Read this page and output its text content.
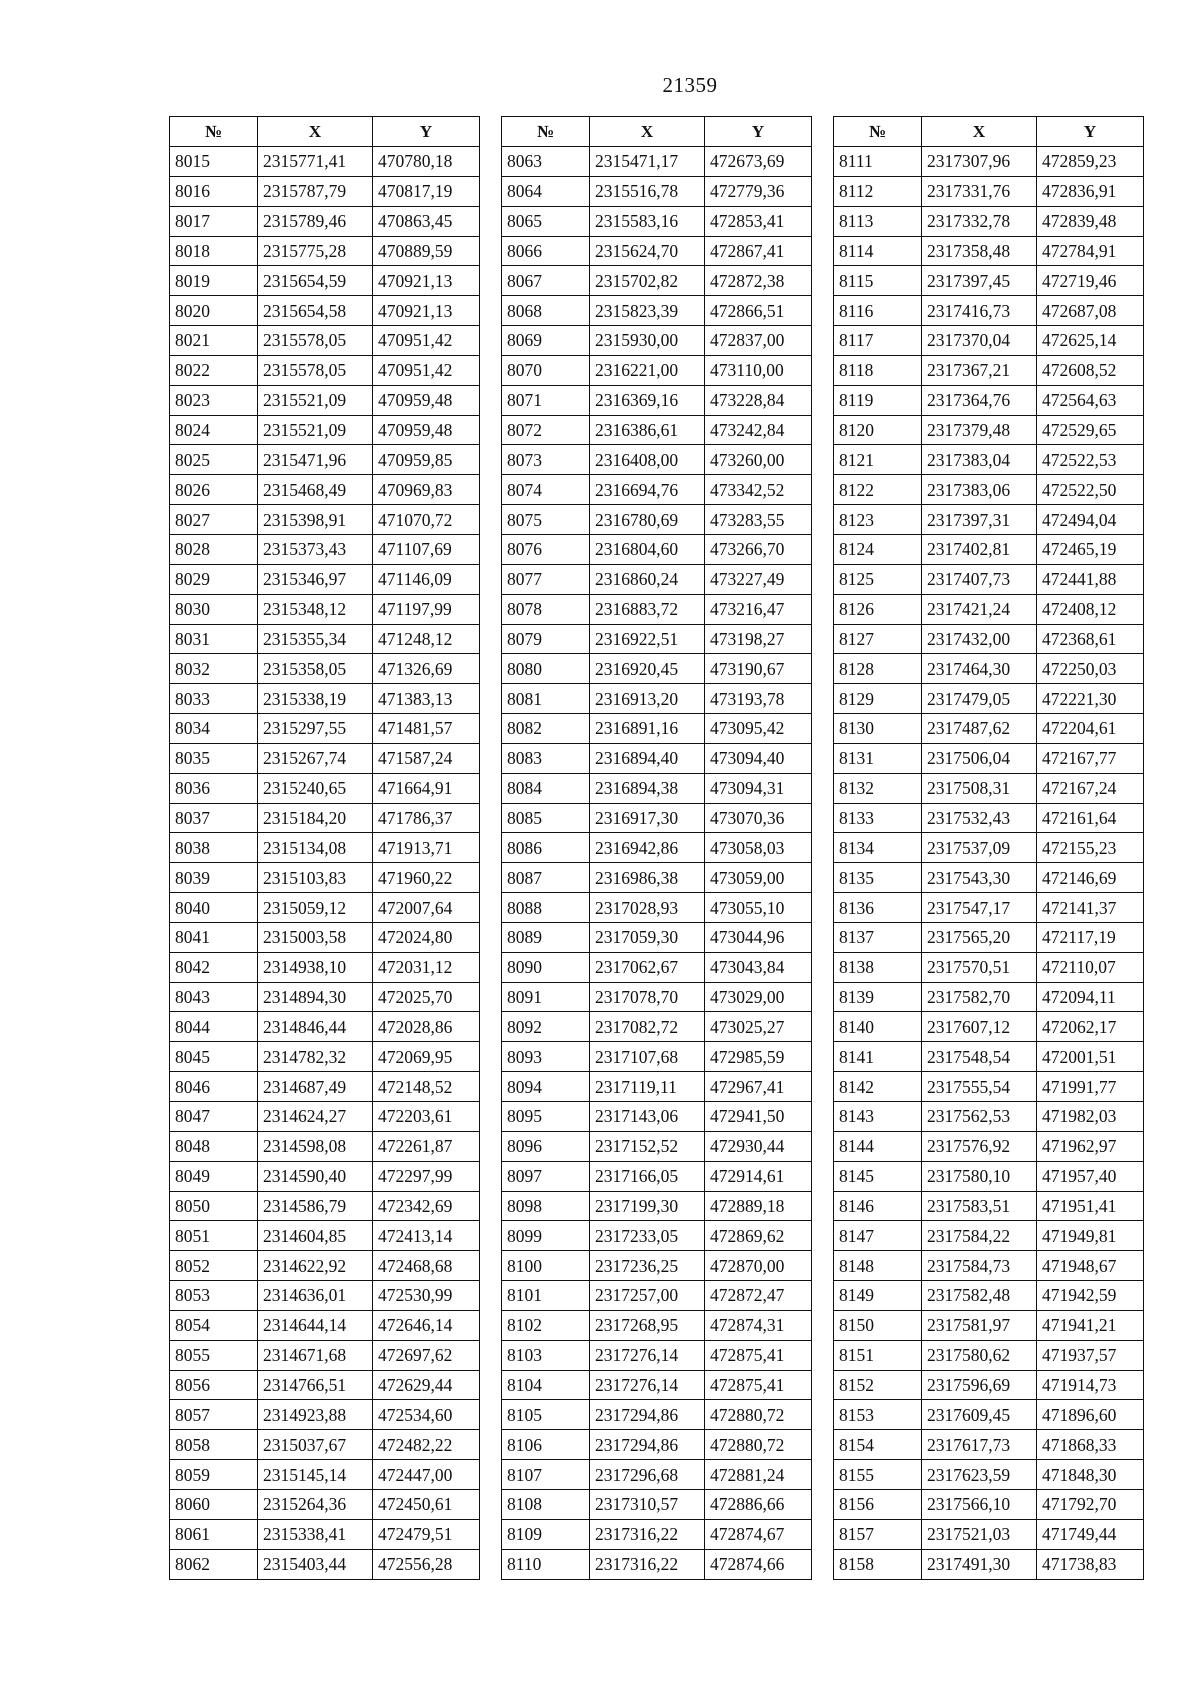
21359
№	X	Y
8015	2315771,41	470780,18
8016	2315787,79	470817,19
8017	2315789,46	470863,45
8018	2315775,28	470889,59
8019	2315654,59	470921,13
8020	2315654,58	470921,13
8021	2315578,05	470951,42
8022	2315578,05	470951,42
8023	2315521,09	470959,48
8024	2315521,09	470959,48
8025	2315471,96	470959,85
8026	2315468,49	470969,83
8027	2315398,91	471070,72
8028	2315373,43	471107,69
8029	2315346,97	471146,09
8030	2315348,12	471197,99
8031	2315355,34	471248,12
8032	2315358,05	471326,69
8033	2315338,19	471383,13
8034	2315297,55	471481,57
8035	2315267,74	471587,24
8036	2315240,65	471664,91
8037	2315184,20	471786,37
8038	2315134,08	471913,71
8039	2315103,83	471960,22
8040	2315059,12	472007,64
8041	2315003,58	472024,80
8042	2314938,10	472031,12
8043	2314894,30	472025,70
8044	2314846,44	472028,86
8045	2314782,32	472069,95
8046	2314687,49	472148,52
8047	2314624,27	472203,61
8048	2314598,08	472261,87
8049	2314590,40	472297,99
8050	2314586,79	472342,69
8051	2314604,85	472413,14
8052	2314622,92	472468,68
8053	2314636,01	472530,99
8054	2314644,14	472646,14
8055	2314671,68	472697,62
8056	2314766,51	472629,44
8057	2314923,88	472534,60
8058	2315037,67	472482,22
8059	2315145,14	472447,00
8060	2315264,36	472450,61
8061	2315338,41	472479,51
8062	2315403,44	472556,28
№	X	Y
8063	2315471,17	472673,69
8064	2315516,78	472779,36
8065	2315583,16	472853,41
8066	2315624,70	472867,41
8067	2315702,82	472872,38
8068	2315823,39	472866,51
8069	2315930,00	472837,00
8070	2316221,00	473110,00
8071	2316369,16	473228,84
8072	2316386,61	473242,84
8073	2316408,00	473260,00
8074	2316694,76	473342,52
8075	2316780,69	473283,55
8076	2316804,60	473266,70
8077	2316860,24	473227,49
8078	2316883,72	473216,47
8079	2316922,51	473198,27
8080	2316920,45	473190,67
8081	2316913,20	473193,78
8082	2316891,16	473095,42
8083	2316894,40	473094,40
8084	2316894,38	473094,31
8085	2316917,30	473070,36
8086	2316942,86	473058,03
8087	2316986,38	473059,00
8088	2317028,93	473055,10
8089	2317059,30	473044,96
8090	2317062,67	473043,84
8091	2317078,70	473029,00
8092	2317082,72	473025,27
8093	2317107,68	472985,59
8094	2317119,11	472967,41
8095	2317143,06	472941,50
8096	2317152,52	472930,44
8097	2317166,05	472914,61
8098	2317199,30	472889,18
8099	2317233,05	472869,62
8100	2317236,25	472870,00
8101	2317257,00	472872,47
8102	2317268,95	472874,31
8103	2317276,14	472875,41
8104	2317276,14	472875,41
8105	2317294,86	472880,72
8106	2317294,86	472880,72
8107	2317296,68	472881,24
8108	2317310,57	472886,66
8109	2317316,22	472874,67
8110	2317316,22	472874,66
№	X	Y
8111	2317307,96	472859,23
8112	2317331,76	472836,91
8113	2317332,78	472839,48
8114	2317358,48	472784,91
8115	2317397,45	472719,46
8116	2317416,73	472687,08
8117	2317370,04	472625,14
8118	2317367,21	472608,52
8119	2317364,76	472564,63
8120	2317379,48	472529,65
8121	2317383,04	472522,53
8122	2317383,06	472522,50
8123	2317397,31	472494,04
8124	2317402,81	472465,19
8125	2317407,73	472441,88
8126	2317421,24	472408,12
8127	2317432,00	472368,61
8128	2317464,30	472250,03
8129	2317479,05	472221,30
8130	2317487,62	472204,61
8131	2317506,04	472167,77
8132	2317508,31	472167,24
8133	2317532,43	472161,64
8134	2317537,09	472155,23
8135	2317543,30	472146,69
8136	2317547,17	472141,37
8137	2317565,20	472117,19
8138	2317570,51	472110,07
8139	2317582,70	472094,11
8140	2317607,12	472062,17
8141	2317548,54	472001,51
8142	2317555,54	471991,77
8143	2317562,53	471982,03
8144	2317576,92	471962,97
8145	2317580,10	471957,40
8146	2317583,51	471951,41
8147	2317584,22	471949,81
8148	2317584,73	471948,67
8149	2317582,48	471942,59
8150	2317581,97	471941,21
8151	2317580,62	471937,57
8152	2317596,69	471914,73
8153	2317609,45	471896,60
8154	2317617,73	471868,33
8155	2317623,59	471848,30
8156	2317566,10	471792,70
8157	2317521,03	471749,44
8158	2317491,30	471738,83
